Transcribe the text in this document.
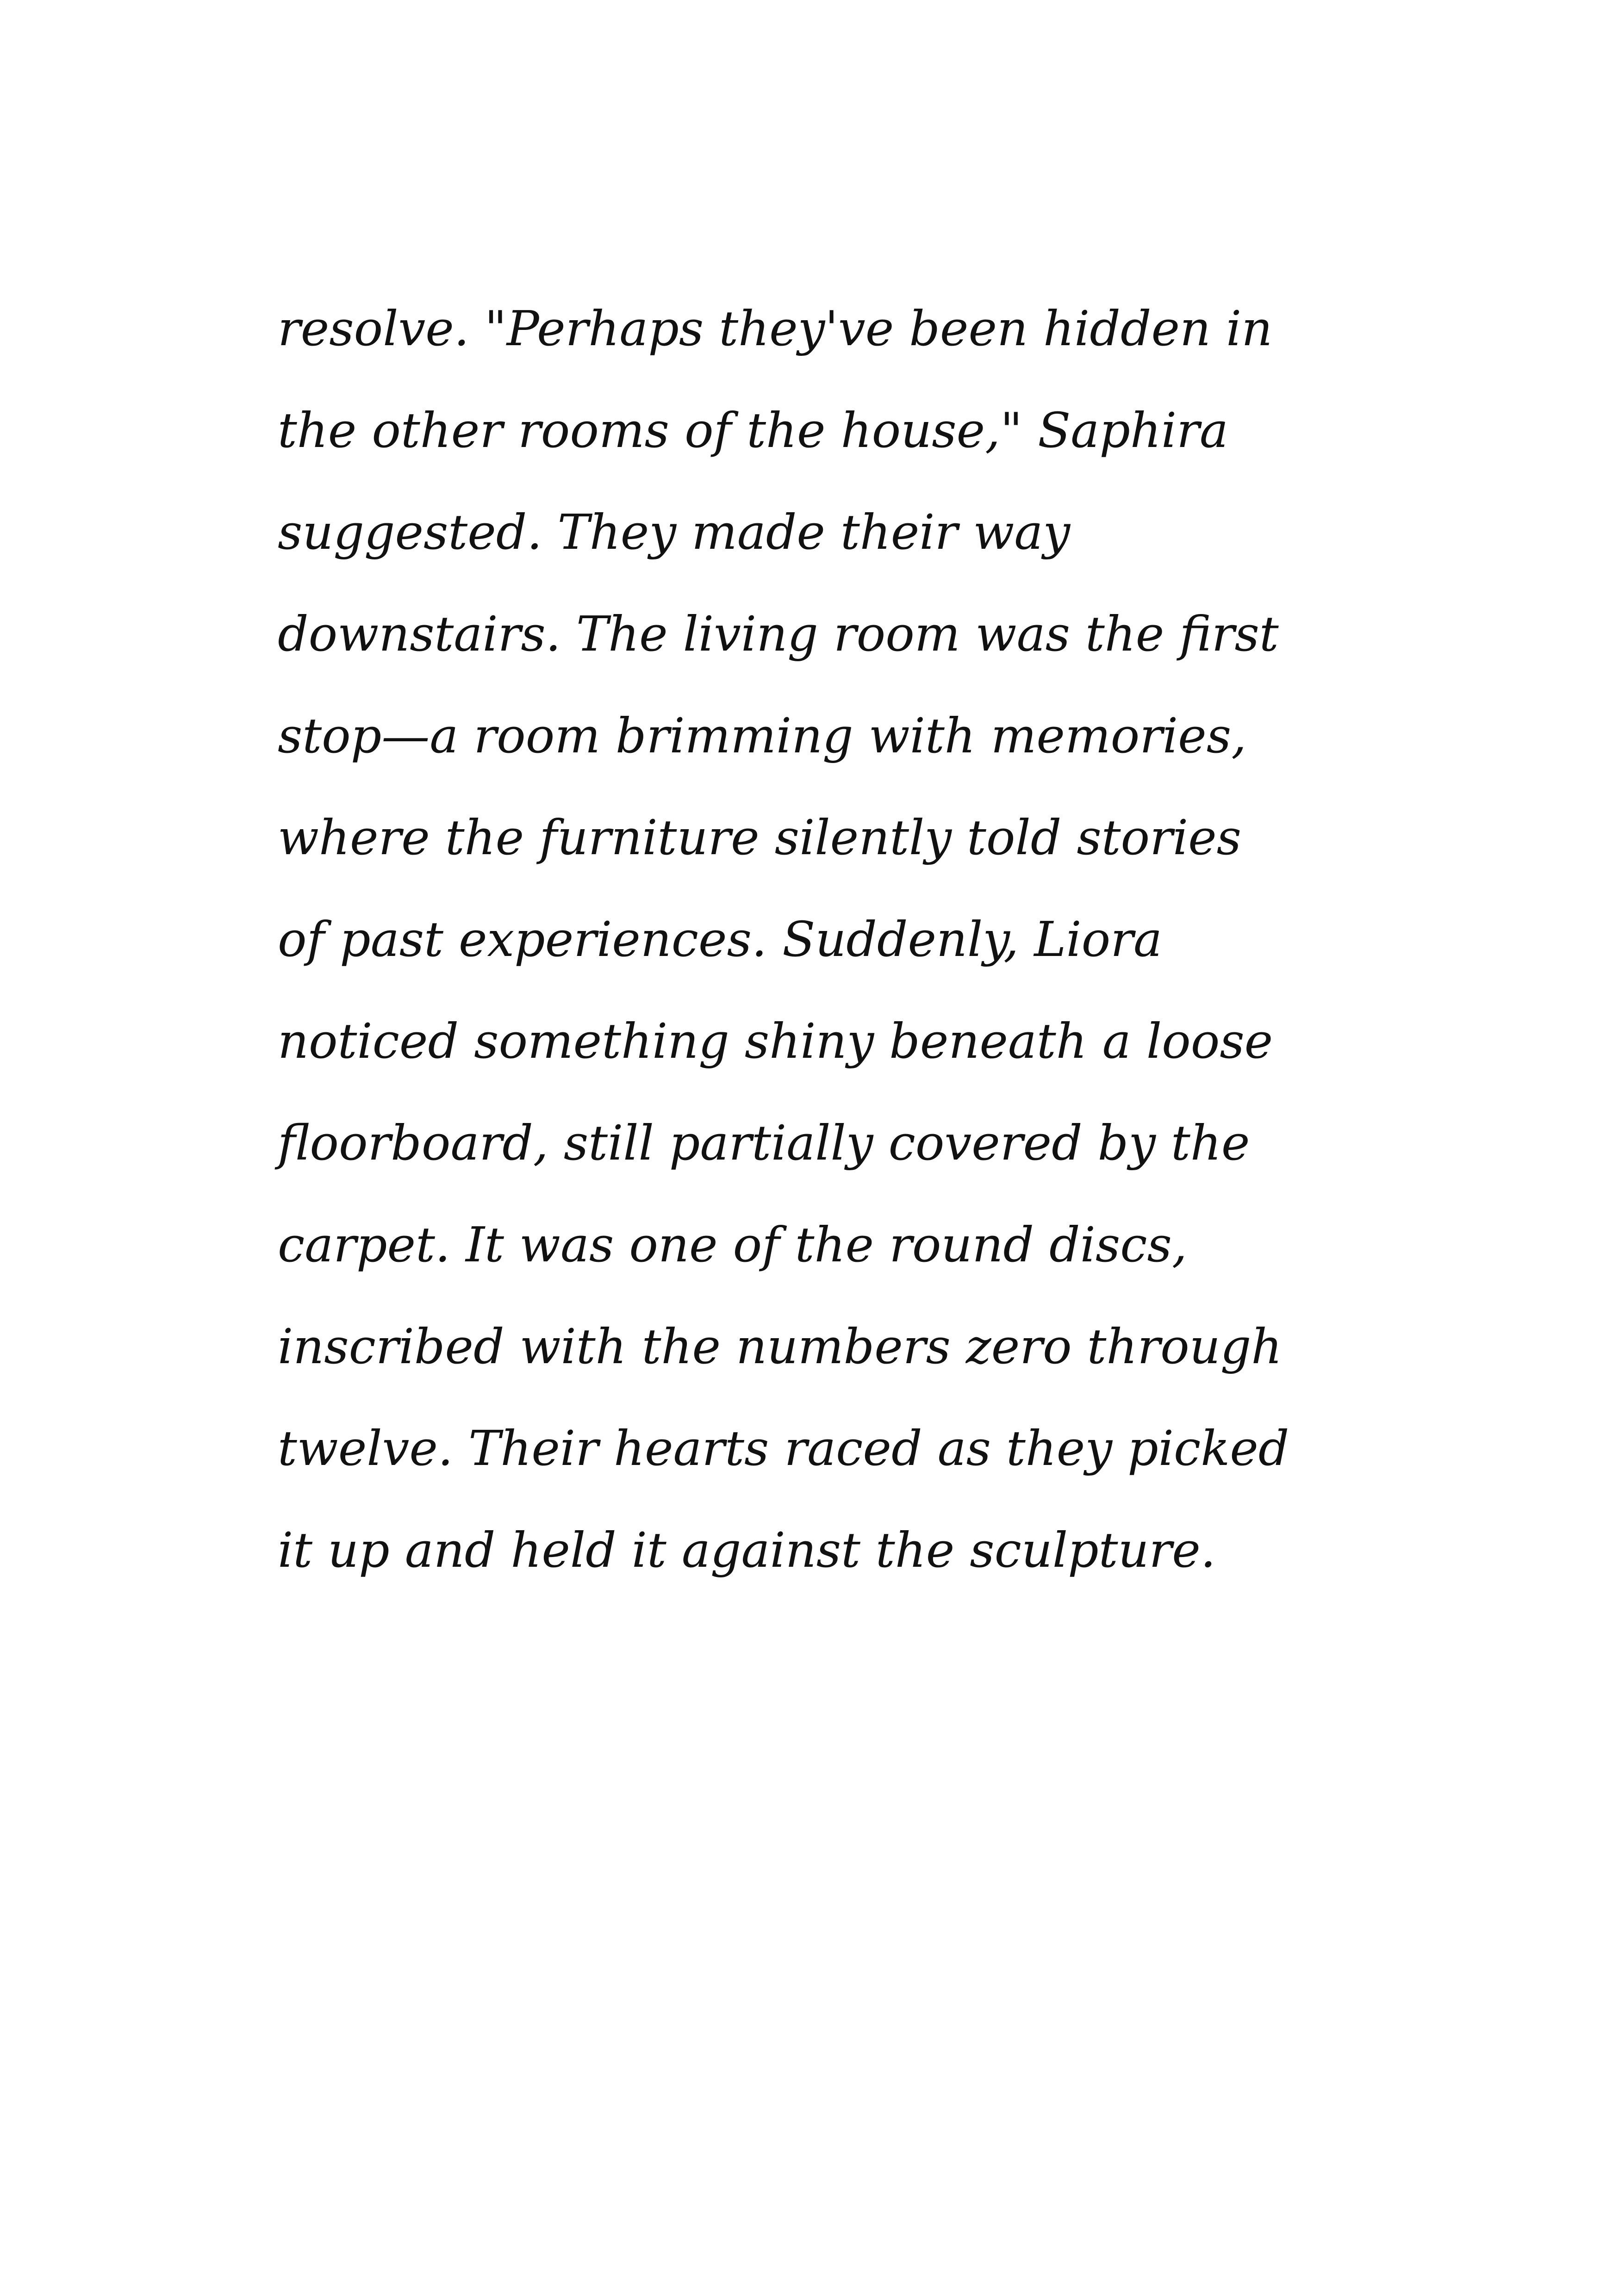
resolve. "Perhaps they've been hidden in
the other rooms of the house," Saphira
suggested. They made their way
downstairs. The living room was the first
stop—a room brimming with memories,
where the furniture silently told stories
of past experiences. Suddenly, Liora
noticed something shiny beneath a loose
floorboard, still partially covered by the
carpet. It was one of the round discs,
inscribed with the numbers zero through
twelve. Their hearts raced as they picked
it up and held it against the sculpture.
